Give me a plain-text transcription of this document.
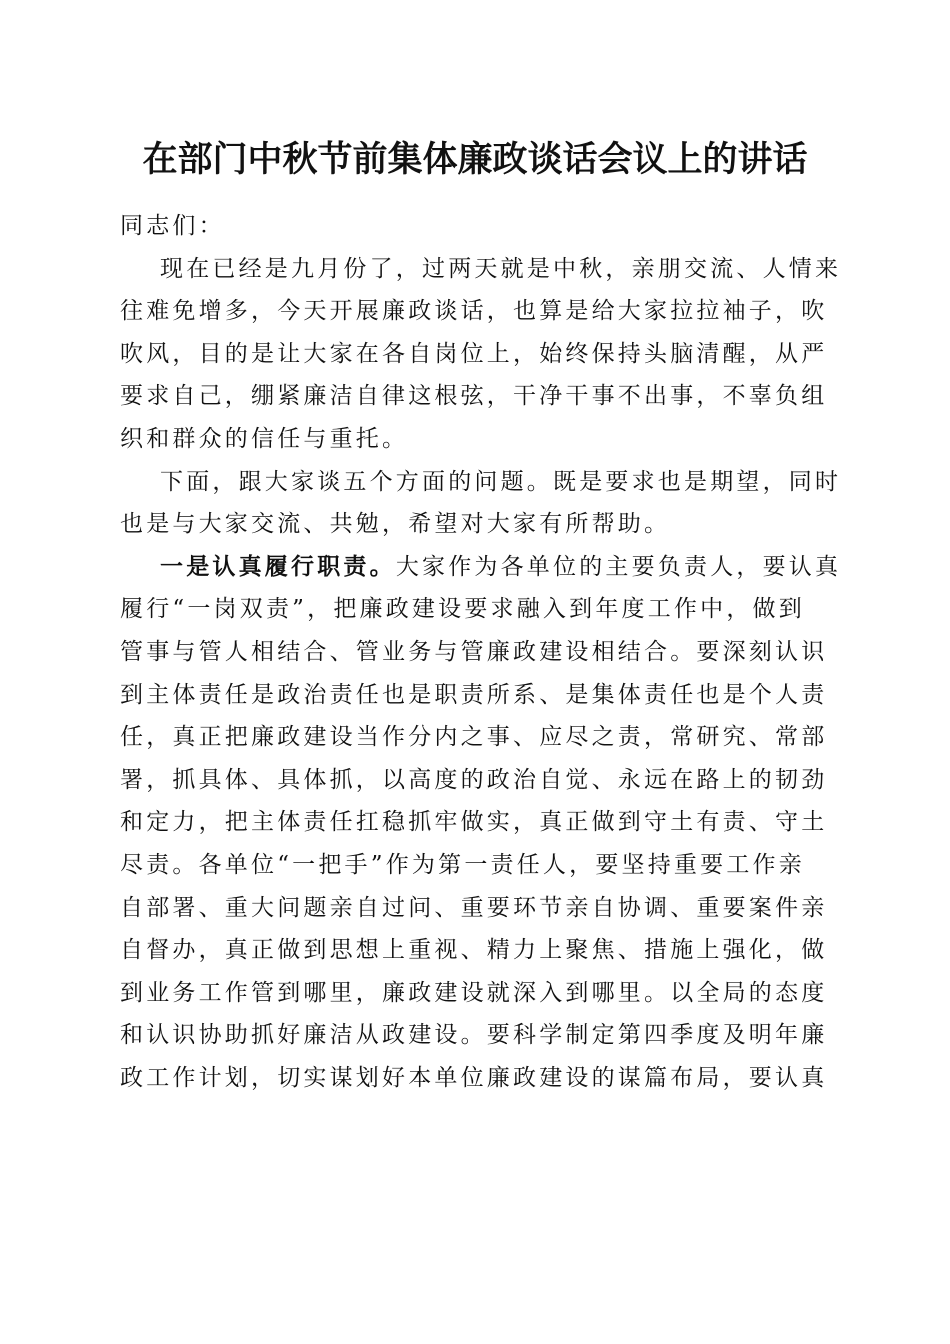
在部门中秋节前集体廉政谈话会议上的讲话
同志们：
现在已经是九月份了，过两天就是中秋，亲朋交流、人情来
往难免增多，今天开展廉政谈话，也算是给大家拉拉袖子，吹
吹风，目的是让大家在各自岗位上，始终保持头脑清醒，从严
要求自己，绷紧廉洁自律这根弦，干净干事不出事，不辜负组
织和群众的信任与重托。
下面，跟大家谈五个方面的问题。既是要求也是期望，同时
也是与大家交流、共勉，希望对大家有所帮助。
一是认真履行职责。大家作为各单位的主要负责人，要认真
履行“一岗双责”，把廉政建设要求融入到年度工作中，做到
管事与管人相结合、管业务与管廉政建设相结合。要深刻认识
到主体责任是政治责任也是职责所系、是集体责任也是个人责
任，真正把廉政建设当作分内之事、应尽之责，常研究、常部
署，抓具体、具体抓，以高度的政治自觉、永远在路上的韧劲
和定力，把主体责任扛稳抓牢做实，真正做到守土有责、守土
尽责。各单位“一把手”作为第一责任人，要坚持重要工作亲
自部署、重大问题亲自过问、重要环节亲自协调、重要案件亲
自督办，真正做到思想上重视、精力上聚焦、措施上强化，做
到业务工作管到哪里，廉政建设就深入到哪里。以全局的态度
和认识协助抓好廉洁从政建设。要科学制定第四季度及明年廉
政工作计划，切实谋划好本单位廉政建设的谋篇布局，要认真
